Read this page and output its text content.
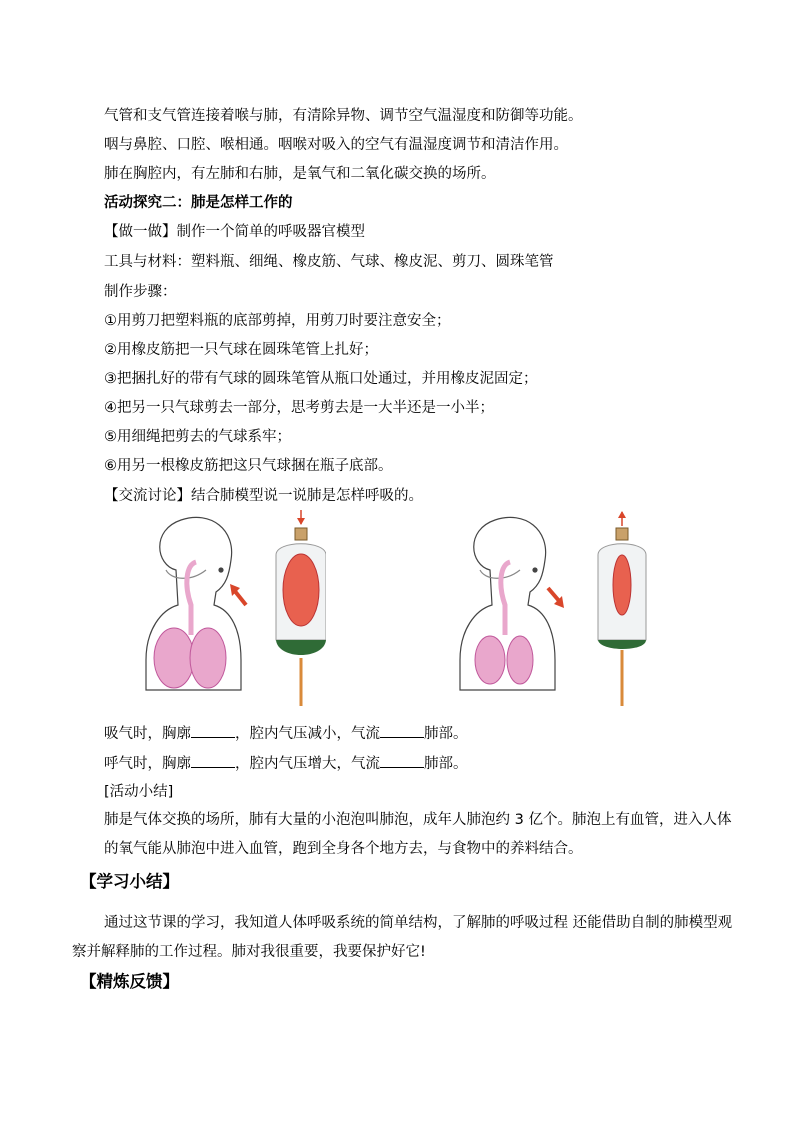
气管和支气管连接着喉与肺，有清除异物、调节空气温湿度和防御等功能。
咽与鼻腔、口腔、喉相通。咽喉对吸入的空气有温湿度调节和清洁作用。
肺在胸腔内，有左肺和右肺，是氧气和二氧化碳交换的场所。
活动探究二：肺是怎样工作的
【做一做】制作一个简单的呼吸器官模型
工具与材料：塑料瓶、细绳、橡皮筋、气球、橡皮泥、剪刀、圆珠笔管
制作步骤：
①用剪刀把塑料瓶的底部剪掉，用剪刀时要注意安全；
②用橡皮筋把一只气球在圆珠笔管上扎好；
③把捆扎好的带有气球的圆珠笔管从瓶口处通过，并用橡皮泥固定；
④把另一只气球剪去一部分，思考剪去是一大半还是一小半；
⑤用细绳把剪去的气球系牢；
⑥用另一根橡皮筋把这只气球捆在瓶子底部。
【交流讨论】结合肺模型说一说肺是怎样呼吸的。
吸气时，胸廓	，腔内气压减小，气流	肺部。
呼气时，胸廓	，腔内气压增大，气流	肺部。
[活动小结]
肺是气体交换的场所，肺有大量的小泡泡叫肺泡，成年人肺泡约 3 亿个。肺泡上有血管，进入人体的氧气能从肺泡中进入血管，跑到全身各个地方去，与食物中的养料结合。
【学习小结】
通过这节课的学习，我知道人体呼吸系统的简单结构，了解肺的呼吸过程 还能借助自制的肺模型观察并解释肺的工作过程。肺对我很重要，我要保护好它!
【精炼反馈】
